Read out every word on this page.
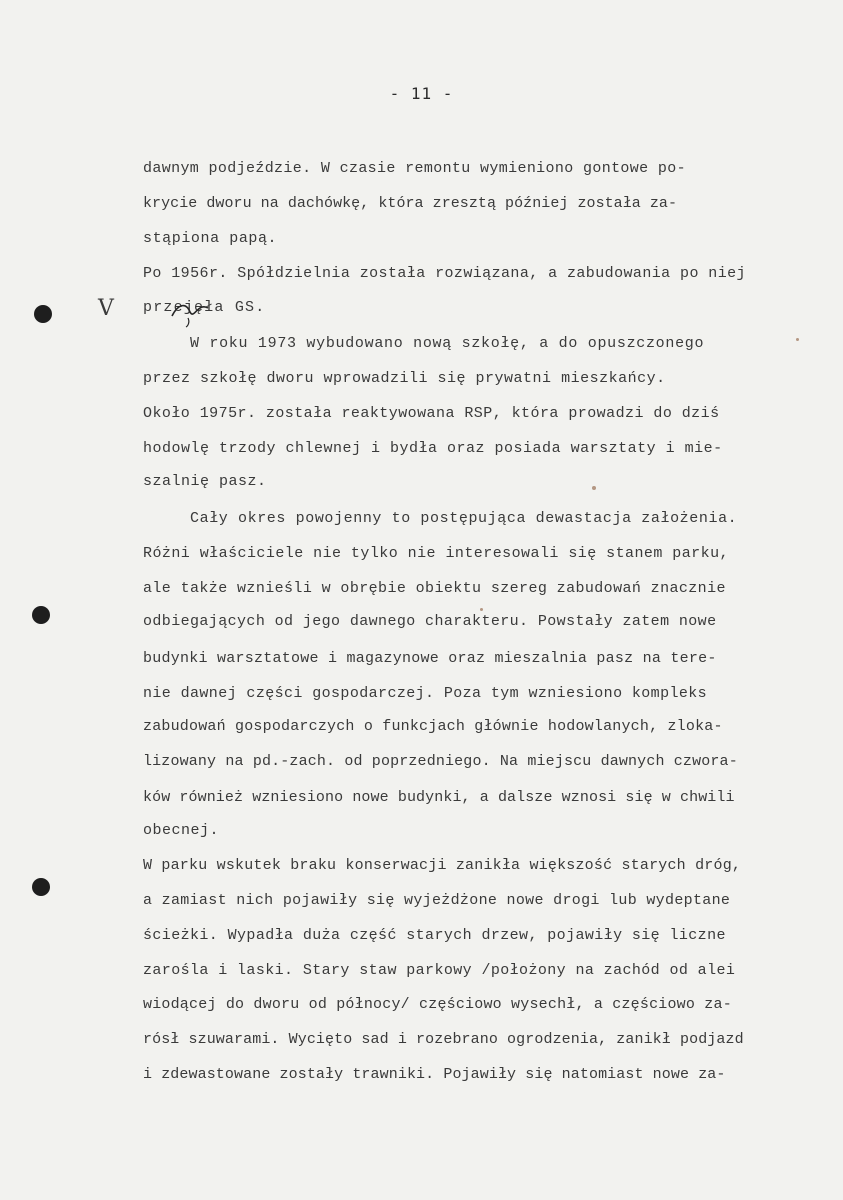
- 11 -
dawnym podjeździe. W czasie remontu wymieniono gontowe po-
krycie dworu na dachówkę, która zresztą później została za-
stąpiona papą.
Po 1956r. Spółdzielnia została rozwiązana, a zabudowania po niej
przejęła GS.
W roku 1973 wybudowano nową szkołę, a do opuszczonego
przez szkołę dworu wprowadzili się prywatni mieszkańcy.
Około 1975r. została reaktywowana RSP, która prowadzi do dziś
hodowlę trzody chlewnej i bydła oraz posiada warsztaty i mie-
szalnię pasz.
Cały okres powojenny to postępująca dewastacja założenia.
Różni właściciele nie tylko nie interesowali się stanem parku,
ale także wznieśli w obrębie obiektu szereg zabudowań znacznie
odbiegających od jego dawnego charakteru. Powstały zatem nowe
budynki warsztatowe i magazynowe oraz mieszalnia pasz na tere-
nie dawnej części gospodarczej. Poza tym wzniesiono kompleks
zabudowań gospodarczych o funkcjach głównie hodowlanych, zloka-
lizowany na pd.-zach. od poprzedniego. Na miejscu dawnych czwora-
ków również wzniesiono nowe budynki, a dalsze wznosi się w chwili
obecnej.
W parku wskutek braku konserwacji zanikła większość starych dróg,
a zamiast nich pojawiły się wyjeżdżone nowe drogi lub wydeptane
ścieżki. Wypadła duża część starych drzew, pojawiły się liczne
zarośla i laski. Stary staw parkowy /położony na zachód od alei
wiodącej do dworu od północy/ częściowo wysechł, a częściowo za-
rósł szuwarami. Wycięto sad i rozebrano ogrodzenia, zanikł podjazd
i zdewastowane zostały trawniki. Pojawiły się natomiast nowe za-
V
